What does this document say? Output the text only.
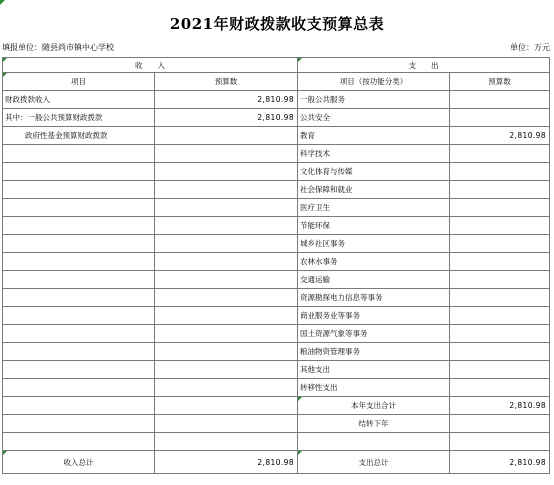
2021年财政拨款收支预算总表
填报单位：随县尚市镇中心学校	单位：万元
收　　入		支　　出	
项目	预算数	项目（按功能分类）	预算数
财政拨款收入	2,810.98	一般公共服务	
其中：一般公共预算财政拨款	2,810.98	公共安全	
政府性基金预算财政拨款		教育	2,810.98
		科学技术	
		文化体育与传媒	
		社会保障和就业	
		医疗卫生	
		节能环保	
		城乡社区事务	
		农林水事务	
		交通运输	
		资源勘探电力信息等事务	
		商业服务业等事务	
		国土资源气象等事务	
		粮油物资管理事务	
		其他支出	
		转移性支出	
		本年支出合计	2,810.98
		结转下年	

收入总计	2,810.98	支出总计	2,810.98
